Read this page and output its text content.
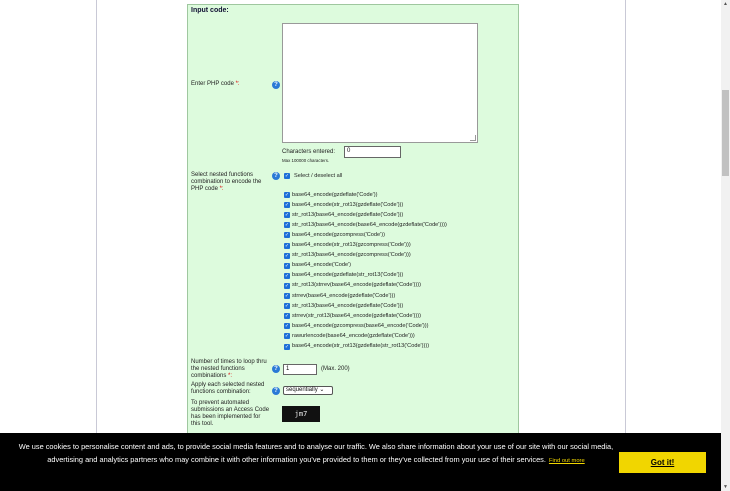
Input code:
Enter PHP code *:	?
Characters entered:	0
Max 100000 characters.
Select nested functions combination to encode the PHP code *:
?	✓ Select / deselect all
✓ base64_encode(gzdeflate('Code'))
✓ base64_encode(str_rot13(gzdeflate('Code')))
✓ str_rot13(base64_encode(gzdeflate('Code')))
✓ str_rot13(base64_encode(base64_encode(gzdeflate('Code'))))
✓ base64_encode(gzcompress('Code'))
✓ base64_encode(str_rot13(gzcompress('Code')))
✓ str_rot13(base64_encode(gzcompress('Code')))
✓ base64_encode('Code')
✓ base64_encode(gzdeflate(str_rot13('Code')))
✓ str_rot13(strrev(base64_encode(gzdeflate('Code'))))
✓ strrev(base64_encode(gzdeflate('Code')))
✓ str_rot13(base64_encode(gzdeflate('Code')))
✓ strrev(str_rot13(base64_encode(gzdeflate('Code'))))
✓ base64_encode(gzcompress(base64_encode('Code')))
✓ rawurlencode(base64_encode(gzdeflate('Code')))
✓ base64_encode(str_rot13(gzdeflate(str_rot13('Code'))))
Number of times to loop thru the nested functions combinations *:
?	1	(Max. 200)
Apply each selected nested functions combination:	?	sequentially ⌄
To prevent automated submissions an Access Code has been implemented for this tool.
jm7
▲
▼
We use cookies to personalise content and ads, to provide social media features and to analyse our traffic. We also share information about your use of our site with our social media, advertising and analytics partners who may combine it with other information you've provided to them or they've collected from your use of their services. Find out more	Got it!
